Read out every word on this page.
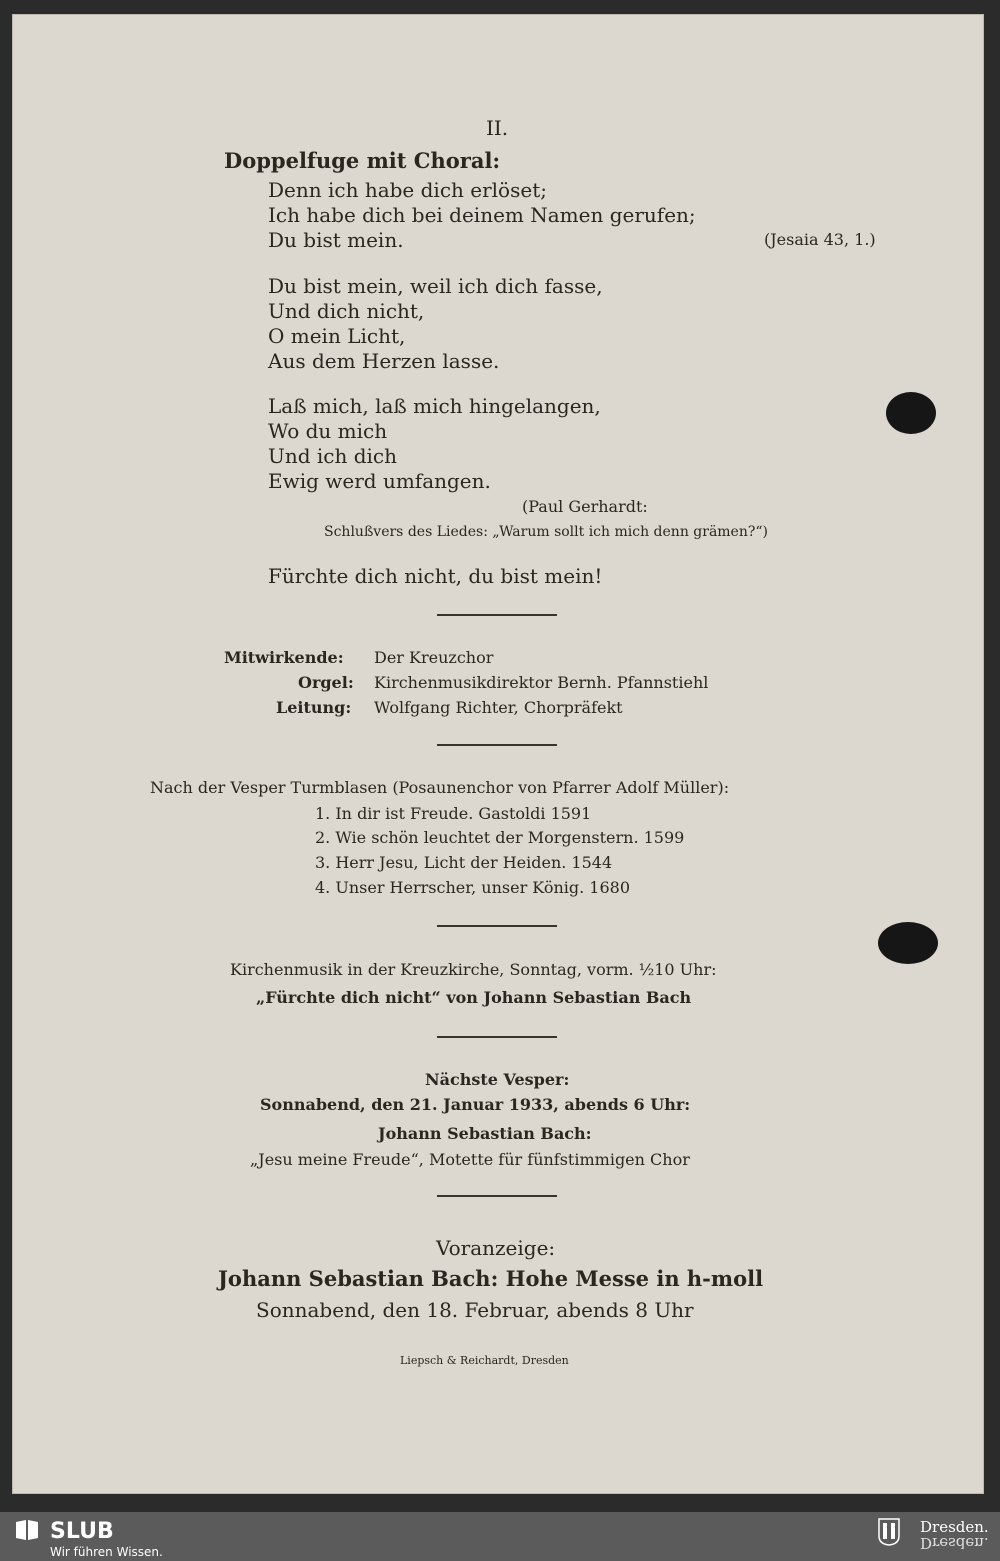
II.
Doppelfuge mit Choral:
Denn ich habe dich erlöset;
Ich habe dich bei deinem Namen gerufen;
Du bist mein.	(Jesaia 43, 1.)
Du bist mein, weil ich dich fasse,
Und dich nicht,
O mein Licht,
Aus dem Herzen lasse.
Laß mich, laß mich hingelangen,
Wo du mich
Und ich dich
Ewig werd umfangen.
(Paul Gerhardt:
Schlußvers des Liedes: „Warum sollt ich mich denn grämen?“)
Fürchte dich nicht, du bist mein!
Mitwirkende: Der Kreuzchor
Orgel: Kirchenmusikdirektor Bernh. Pfannstiehl
Leitung: Wolfgang Richter, Chorpräfekt
Nach der Vesper Turmblasen (Posaunenchor von Pfarrer Adolf Müller):
1. In dir ist Freude. Gastoldi 1591
2. Wie schön leuchtet der Morgenstern. 1599
3. Herr Jesu, Licht der Heiden. 1544
4. Unser Herrscher, unser König. 1680
Kirchenmusik in der Kreuzkirche, Sonntag, vorm. ½10 Uhr:
„Fürchte dich nicht“ von Johann Sebastian Bach
Nächste Vesper:
Sonnabend, den 21. Januar 1933, abends 6 Uhr:
Johann Sebastian Bach:
„Jesu meine Freude“, Motette für fünfstimmigen Chor
Voranzeige:
Johann Sebastian Bach: Hohe Messe in h-moll
Sonnabend, den 18. Februar, abends 8 Uhr
Liepsch & Reichardt, Dresden
SLUB
Wir führen Wissen.
Dresden.
Dresden.
